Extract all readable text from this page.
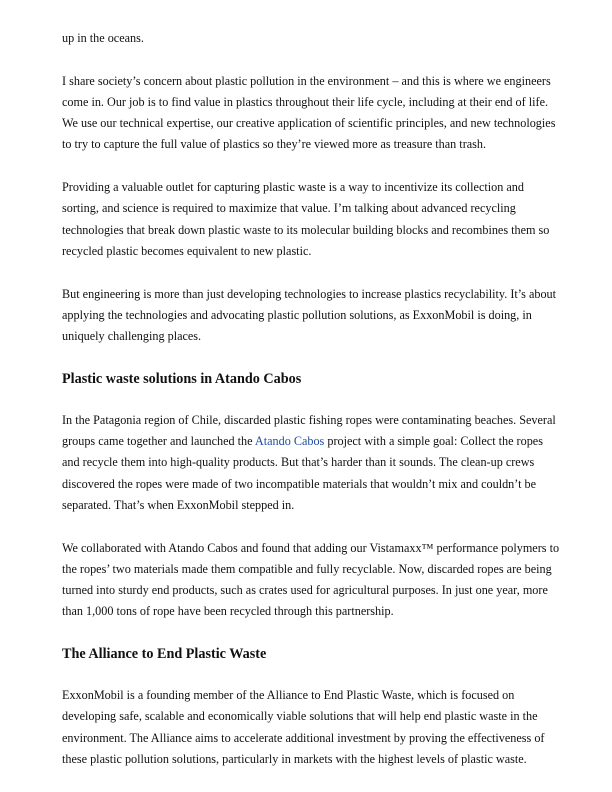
up in the oceans.

I share society’s concern about plastic pollution in the environment – and this is where we engineers come in. Our job is to find value in plastics throughout their life cycle, including at their end of life. We use our technical expertise, our creative application of scientific principles, and new technologies to try to capture the full value of plastics so they’re viewed more as treasure than trash.

Providing a valuable outlet for capturing plastic waste is a way to incentivize its collection and sorting, and science is required to maximize that value. I’m talking about advanced recycling technologies that break down plastic waste to its molecular building blocks and recombines them so recycled plastic becomes equivalent to new plastic.

But engineering is more than just developing technologies to increase plastics recyclability. It’s about applying the technologies and advocating plastic pollution solutions, as ExxonMobil is doing, in uniquely challenging places.

Plastic waste solutions in Atando Cabos

In the Patagonia region of Chile, discarded plastic fishing ropes were contaminating beaches. Several groups came together and launched the Atando Cabos project with a simple goal: Collect the ropes and recycle them into high-quality products. But that’s harder than it sounds. The clean-up crews discovered the ropes were made of two incompatible materials that wouldn’t mix and couldn’t be separated. That’s when ExxonMobil stepped in.

We collaborated with Atando Cabos and found that adding our Vistamaxx™ performance polymers to the ropes’ two materials made them compatible and fully recyclable. Now, discarded ropes are being turned into sturdy end products, such as crates used for agricultural purposes. In just one year, more than 1,000 tons of rope have been recycled through this partnership.

The Alliance to End Plastic Waste

ExxonMobil is a founding member of the Alliance to End Plastic Waste, which is focused on developing safe, scalable and economically viable solutions that will help end plastic waste in the environment. The Alliance aims to accelerate additional investment by proving the effectiveness of these plastic pollution solutions, particularly in markets with the highest levels of plastic waste.
